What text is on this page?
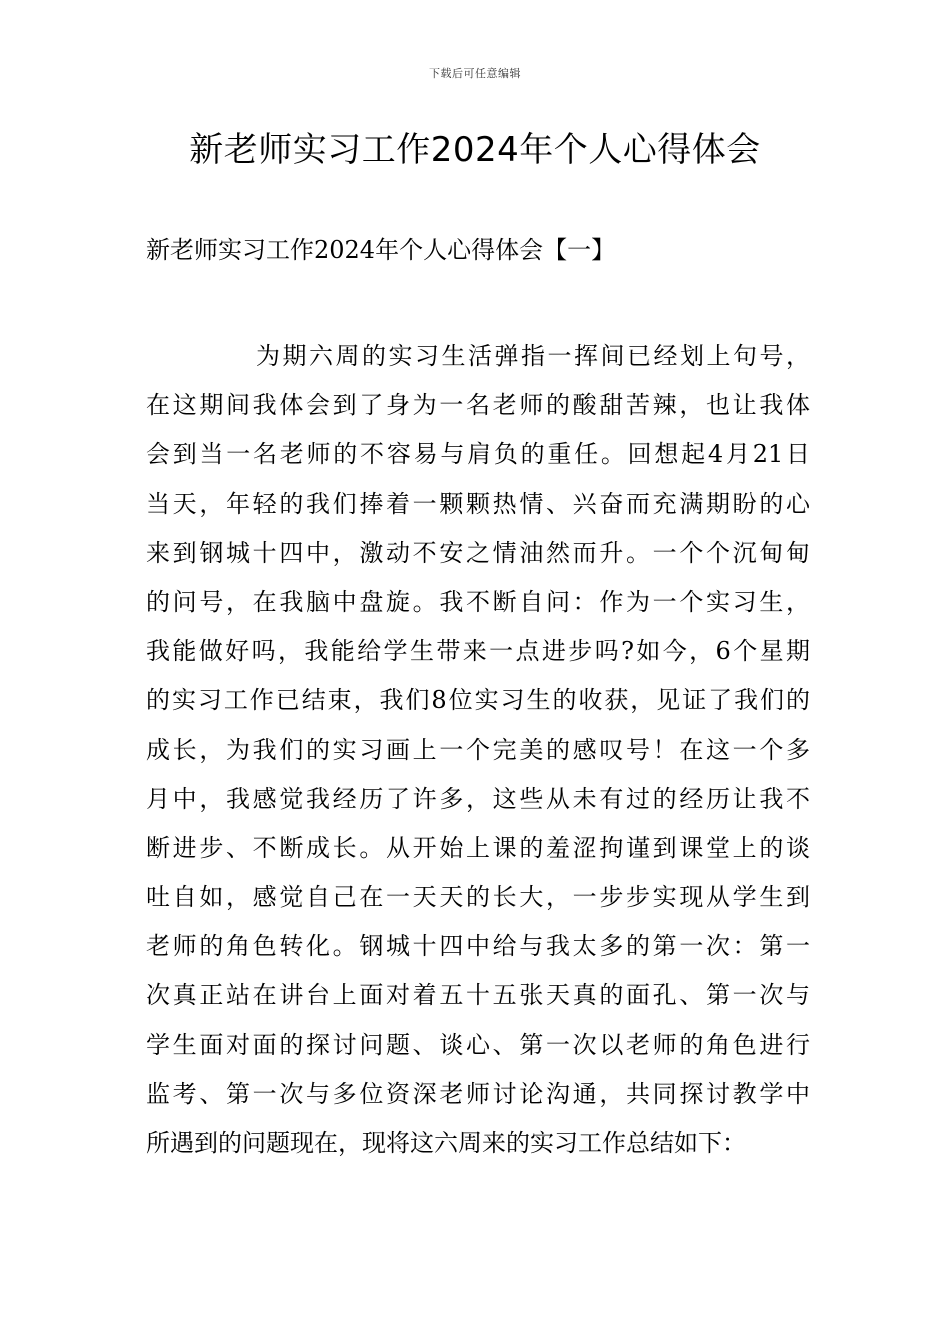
下载后可任意编辑
新老师实习工作2024年个人心得体会
新老师实习工作2024年个人心得体会【一】
为期六周的实习生活弹指一挥间已经划上句号，
在这期间我体会到了身为一名老师的酸甜苦辣，也让我体
会到当一名老师的不容易与肩负的重任。回想起4月21日
当天，年轻的我们捧着一颗颗热情、兴奋而充满期盼的心
来到钢城十四中，激动不安之情油然而升。一个个沉甸甸
的问号，在我脑中盘旋。我不断自问：作为一个实习生，
我能做好吗，我能给学生带来一点进步吗?如今，6个星期
的实习工作已结束，我们8位实习生的收获，见证了我们的
成长，为我们的实习画上一个完美的感叹号！在这一个多
月中，我感觉我经历了许多，这些从未有过的经历让我不
断进步、不断成长。从开始上课的羞涩拘谨到课堂上的谈
吐自如，感觉自己在一天天的长大，一步步实现从学生到
老师的角色转化。钢城十四中给与我太多的第一次：第一
次真正站在讲台上面对着五十五张天真的面孔、第一次与
学生面对面的探讨问题、谈心、第一次以老师的角色进行
监考、第一次与多位资深老师讨论沟通，共同探讨教学中
所遇到的问题现在，现将这六周来的实习工作总结如下：
